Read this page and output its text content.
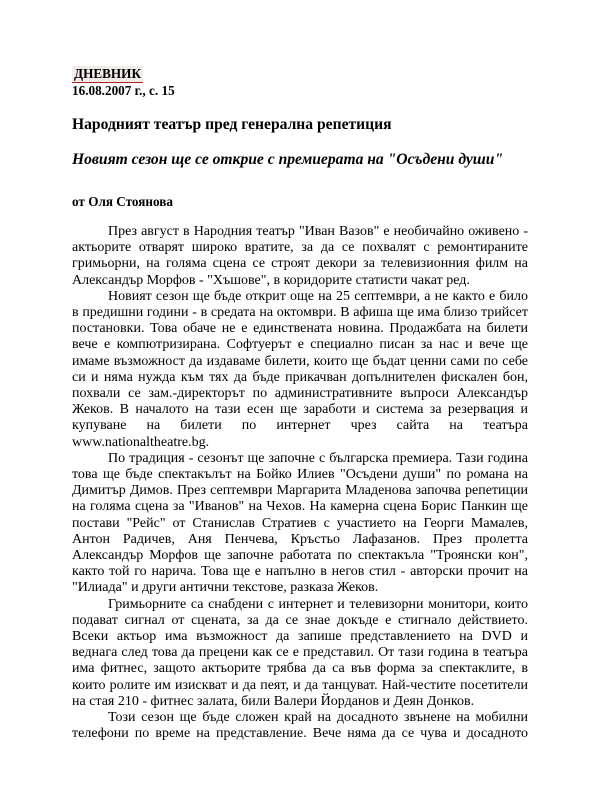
ДНЕВНИК
16.08.2007 г., с. 15
Народният театър пред генерална репетиция
Новият сезон ще се открие с премиерата на "Осъдени души"
от Оля Стоянова

През август в Народния театър "Иван Вазов" е необичайно оживено - актьорите отварят широко вратите, за да се похвалят с ремонтираните гримьорни, на голяма сцена се строят декори за телевизионния филм на Александър Морфов - "Хъшове", в коридорите статисти чакат ред.

Новият сезон ще бъде открит още на 25 септември, а не както е било в предишни години - в средата на октомври. В афиша ще има близо трийсет постановки. Това обаче не е единствената новина. Продажбата на билети вече е компютризирана. Софтуерът е специално писан за нас и вече ще имаме възможност да издаваме билети, които ще бъдат ценни сами по себе си и няма нужда към тях да бъде прикачван допълнителен фискален бон, похвали се зам.-директорът по административните въпроси Александър Жеков. В началото на тази есен ще заработи и система за резервация и купуване на билети по интернет чрез сайта на театъра www.nationaltheatre.bg.

По традиция - сезонът ще започне с българска премиера. Тази година това ще бъде спектакълът на Бойко Илиев "Осъдени души" по романа на Димитър Димов. През септември Маргарита Младенова започва репетиции на голяма сцена за "Иванов" на Чехов. На камерна сцена Борис Панкин ще постави "Рейс" от Станислав Стратиев с участието на Георги Мамалев, Антон Радичев, Аня Пенчева, Кръстьо Лафазанов. През пролетта Александър Морфов ще започне работата по спектакъла "Троянски кон", както той го нарича. Това ще е напълно в негов стил - авторски прочит на "Илиада" и други антични текстове, разказа Жеков.

Гримьорните са снабдени с интернет и телевизорни монитори, които подават сигнал от сцената, за да се знае докъде е стигнало действието. Всеки актьор има възможност да запише представлението на DVD и веднага след това да прецени как се е представил. От тази година в театъра има фитнес, защото актьорите трябва да са във форма за спектаклите, в които ролите им изискват и да пеят, и да танцуват. Най-честите посетители на стая 210 - фитнес залата, били Валери Йорданов и Деян Донков.

Този сезон ще бъде сложен край на досадното звънене на мобилни телефони по време на представление. Вече няма да се чува и досадното
